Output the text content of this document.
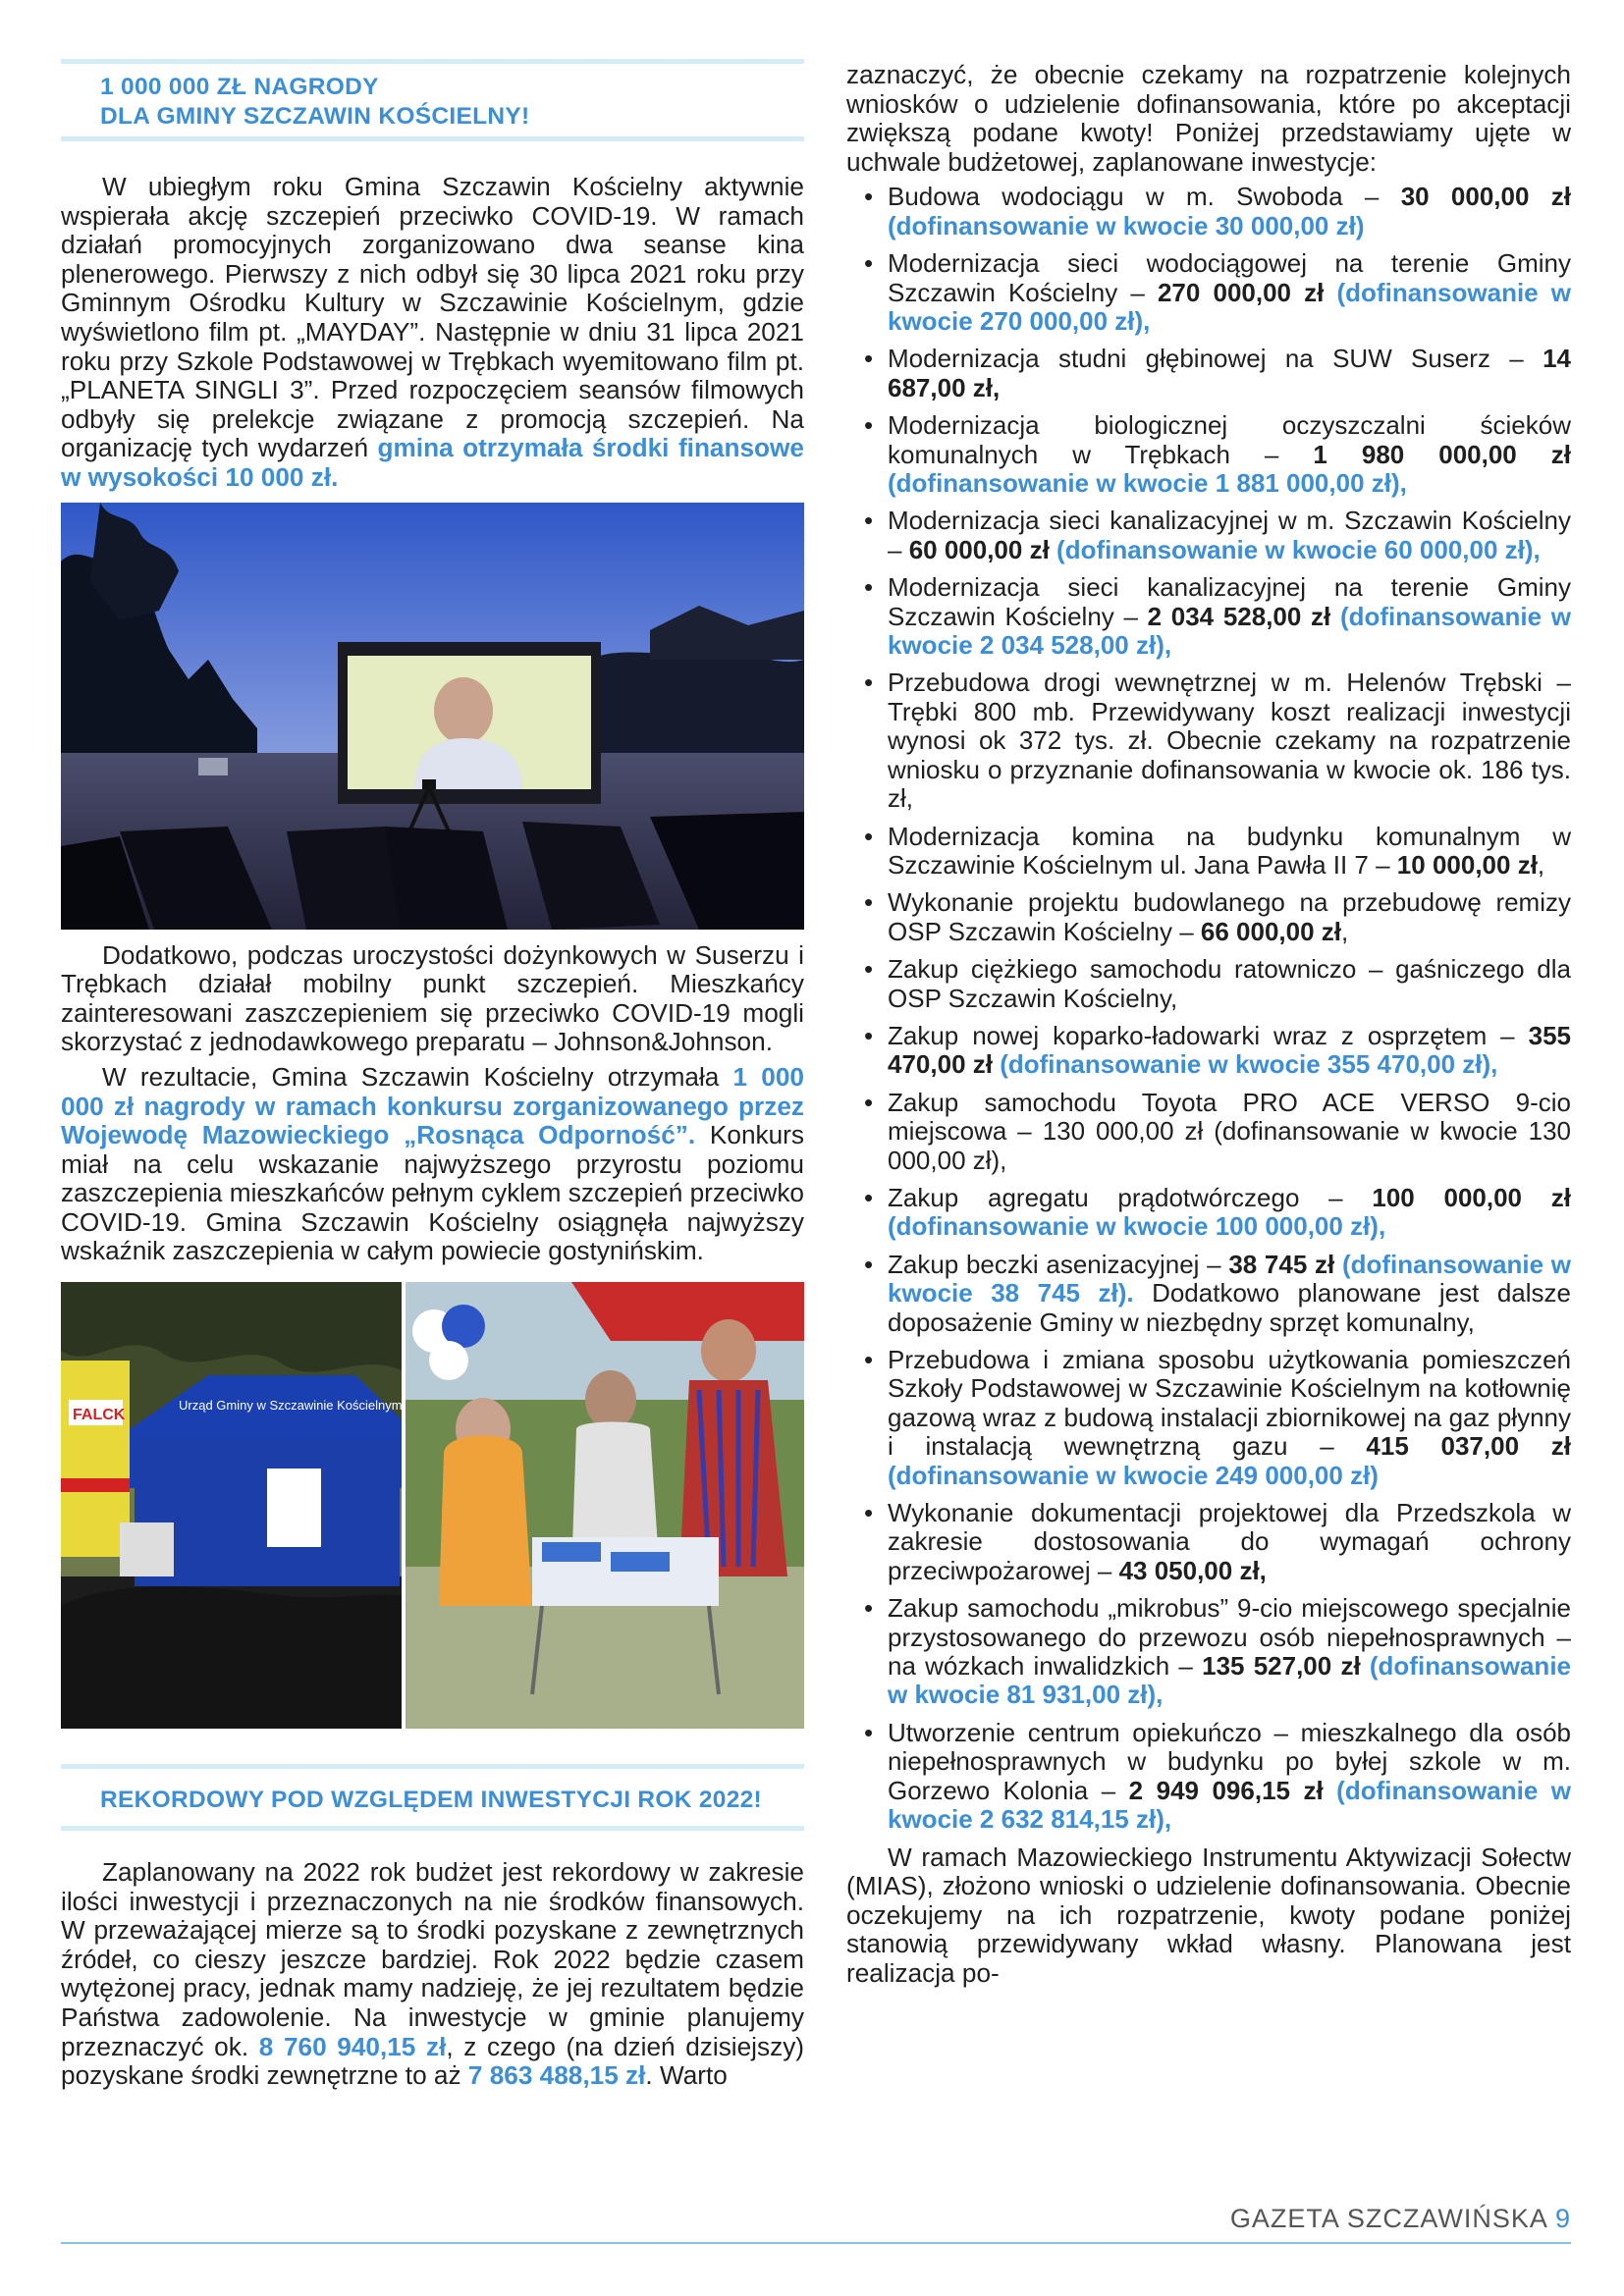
1 000 000 ZŁ NAGRODY
DLA GMINY SZCZAWIN KOŚCIELNY!

W ubiegłym roku Gmina Szczawin Kościelny aktywnie wspierała akcję szczepień przeciwko COVID-19. W ramach działań promocyjnych zorganizowano dwa seanse kina plenerowego. Pierwszy z nich odbył się 30 lipca 2021 roku przy Gminnym Ośrodku Kultury w Szczawinie Kościelnym, gdzie wyświetlono film pt. „MAYDAY”. Następnie w dniu 31 lipca 2021 roku przy Szkole Podstawowej w Trębkach wyemitowano film pt. „PLANETA SINGLI 3”. Przed rozpoczęciem seansów filmowych odbyły się prelekcje związane z promocją szczepień. Na organizację tych wydarzeń gmina otrzymała środki finansowe w wysokości 10 000 zł.

Dodatkowo, podczas uroczystości dożynkowych w Suserzu i Trębkach działał mobilny punkt szczepień. Mieszkańcy zainteresowani zaszczepieniem się przeciwko COVID-19 mogli skorzystać z jednodawkowego preparatu – Johnson&Johnson.

W rezultacie, Gmina Szczawin Kościelny otrzymała 1 000 000 zł nagrody w ramach konkursu zorganizowanego przez Wojewodę Mazowieckiego „Rosnąca Odporność”. Konkurs miał na celu wskazanie najwyższego przyrostu poziomu zaszczepienia mieszkańców pełnym cyklem szczepień przeciwko COVID-19. Gmina Szczawin Kościelny osiągnęła najwyższy wskaźnik zaszczepienia w całym powiecie gostynińskim.

FALCK
Urząd Gminy w Szczawinie Kościelnym
REKORDOWY POD WZGLĘDEM INWESTYCJI ROK 2022!

Zaplanowany na 2022 rok budżet jest rekordowy w zakresie ilości inwestycji i przeznaczonych na nie środków finansowych. W przeważającej mierze są to środki pozyskane z zewnętrznych źródeł, co cieszy jeszcze bardziej. Rok 2022 będzie czasem wytężonej pracy, jednak mamy nadzieję, że jej rezultatem będzie Państwa zadowolenie. Na inwestycje w gminie planujemy przeznaczyć ok. 8 760 940,15 zł, z czego (na dzień dzisiejszy) pozyskane środki zewnętrzne to aż 7 863 488,15 zł. Warto

zaznaczyć, że obecnie czekamy na rozpatrzenie kolejnych wniosków o udzielenie dofinansowania, które po akceptacji zwiększą podane kwoty! Poniżej przedstawiamy ujęte w uchwale budżetowej, zaplanowane inwestycje:

• Budowa wodociągu w m. Swoboda – 30 000,00 zł (dofinansowanie w kwocie 30 000,00 zł)
• Modernizacja sieci wodociągowej na terenie Gminy Szczawin Kościelny – 270 000,00 zł (dofinansowanie w kwocie 270 000,00 zł),
• Modernizacja studni głębinowej na SUW Suserz – 14 687,00 zł,
• Modernizacja biologicznej oczyszczalni ścieków komunalnych w Trębkach – 1 980 000,00 zł (dofinansowanie w kwocie 1 881 000,00 zł),
• Modernizacja sieci kanalizacyjnej w m. Szczawin Kościelny – 60 000,00 zł (dofinansowanie w kwocie 60 000,00 zł),
• Modernizacja sieci kanalizacyjnej na terenie Gminy Szczawin Kościelny – 2 034 528,00 zł (dofinansowanie w kwocie 2 034 528,00 zł),
• Przebudowa drogi wewnętrznej w m. Helenów Trębski – Trębki 800 mb. Przewidywany koszt realizacji inwestycji wynosi ok 372 tys. zł. Obecnie czekamy na rozpatrzenie wniosku o przyznanie dofinansowania w kwocie ok. 186 tys. zł,
• Modernizacja komina na budynku komunalnym w Szczawinie Kościelnym ul. Jana Pawła II 7 – 10 000,00 zł,
• Wykonanie projektu budowlanego na przebudowę remizy OSP Szczawin Kościelny – 66 000,00 zł,
• Zakup ciężkiego samochodu ratowniczo – gaśniczego dla OSP Szczawin Kościelny,
• Zakup nowej koparko-ładowarki wraz z osprzętem – 355 470,00 zł (dofinansowanie w kwocie 355 470,00 zł),
• Zakup samochodu Toyota PRO ACE VERSO 9-cio miejscowa – 130 000,00 zł (dofinansowanie w kwocie 130 000,00 zł),
• Zakup agregatu prądotwórczego – 100 000,00 zł (dofinansowanie w kwocie 100 000,00 zł),
• Zakup beczki asenizacyjnej – 38 745 zł (dofinansowanie w kwocie 38 745 zł). Dodatkowo planowane jest dalsze doposażenie Gminy w niezbędny sprzęt komunalny,
• Przebudowa i zmiana sposobu użytkowania pomieszczeń Szkoły Podstawowej w Szczawinie Kościelnym na kotłownię gazową wraz z budową instalacji zbiornikowej na gaz płynny i instalacją wewnętrzną gazu – 415 037,00 zł (dofinansowanie w kwocie 249 000,00 zł)
• Wykonanie dokumentacji projektowej dla Przedszkola w zakresie dostosowania do wymagań ochrony przeciwpożarowej – 43 050,00 zł,
• Zakup samochodu „mikrobus” 9-cio miejscowego specjalnie przystosowanego do przewozu osób niepełnosprawnych – na wózkach inwalidzkich – 135 527,00 zł (dofinansowanie w kwocie 81 931,00 zł),
• Utworzenie centrum opiekuńczo – mieszkalnego dla osób niepełnosprawnych w budynku po byłej szkole w m. Gorzewo Kolonia – 2 949 096,15 zł (dofinansowanie w kwocie 2 632 814,15 zł),

W ramach Mazowieckiego Instrumentu Aktywizacji Sołectw (MIAS), złożono wnioski o udzielenie dofinansowania. Obecnie oczekujemy na ich rozpatrzenie, kwoty podane poniżej stanowią przewidywany wkład własny. Planowana jest realizacja po-

GAZETA SZCZAWIŃSKA 9
